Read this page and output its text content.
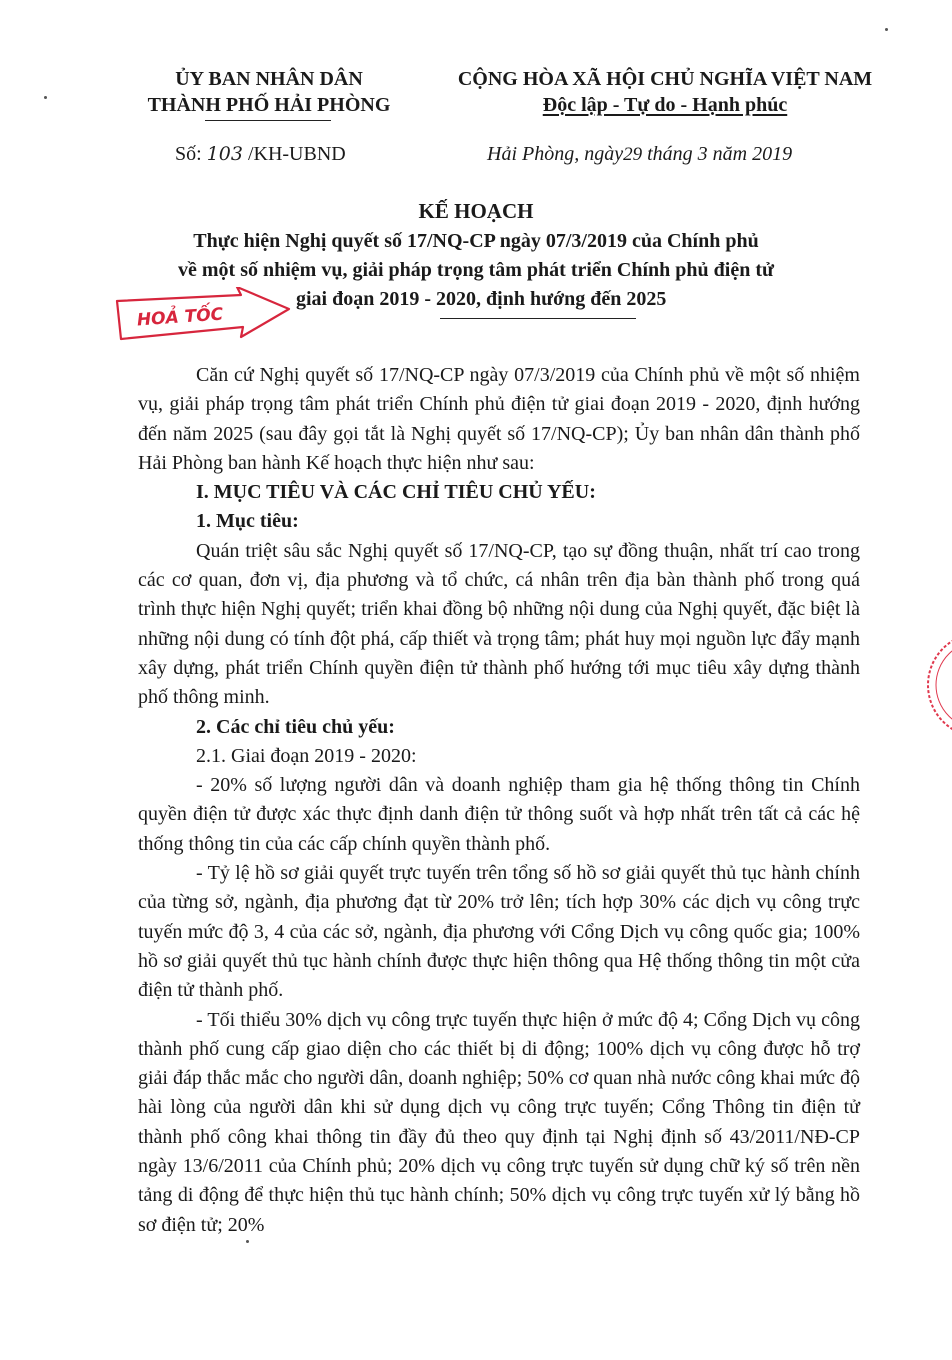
ỦY BAN NHÂN DÂN
THÀNH PHỐ HẢI PHÒNG
CỘNG HÒA XÃ HỘI CHỦ NGHĨA VIỆT NAM
Độc lập - Tự do - Hạnh phúc
Số: 103 /KH-UBND	Hải Phòng, ngày29 tháng 3 năm 2019
KẾ HOẠCH
Thực hiện Nghị quyết số 17/NQ-CP ngày 07/3/2019 của Chính phủ
về một số nhiệm vụ, giải pháp trọng tâm phát triển Chính phủ điện tử
giai đoạn 2019 - 2020, định hướng đến 2025
HOẢ TỐC

Căn cứ Nghị quyết số 17/NQ-CP ngày 07/3/2019 của Chính phủ về một số nhiệm vụ, giải pháp trọng tâm phát triển Chính phủ điện tử giai đoạn 2019 - 2020, định hướng đến năm 2025 (sau đây gọi tắt là Nghị quyết số 17/NQ-CP); Ủy ban nhân dân thành phố Hải Phòng ban hành Kế hoạch thực hiện như sau:

I. MỤC TIÊU VÀ CÁC CHỈ TIÊU CHỦ YẾU:

1. Mục tiêu:

Quán triệt sâu sắc Nghị quyết số 17/NQ-CP, tạo sự đồng thuận, nhất trí cao trong các cơ quan, đơn vị, địa phương và tổ chức, cá nhân trên địa bàn thành phố trong quá trình thực hiện Nghị quyết; triển khai đồng bộ những nội dung của Nghị quyết, đặc biệt là những nội dung có tính đột phá, cấp thiết và trọng tâm; phát huy mọi nguồn lực đẩy mạnh xây dựng, phát triển Chính quyền điện tử thành phố hướng tới mục tiêu xây dựng thành phố thông minh.

2. Các chỉ tiêu chủ yếu:

2.1. Giai đoạn 2019 - 2020:

- 20% số lượng người dân và doanh nghiệp tham gia hệ thống thông tin Chính quyền điện tử được xác thực định danh điện tử thông suốt và hợp nhất trên tất cả các hệ thống thông tin của các cấp chính quyền thành phố.

- Tỷ lệ hồ sơ giải quyết trực tuyến trên tổng số hồ sơ giải quyết thủ tục hành chính của từng sở, ngành, địa phương đạt từ 20% trở lên; tích hợp 30% các dịch vụ công trực tuyến mức độ 3, 4 của các sở, ngành, địa phương với Cổng Dịch vụ công quốc gia; 100% hồ sơ giải quyết thủ tục hành chính được thực hiện thông qua Hệ thống thông tin một cửa điện tử thành phố.

- Tối thiểu 30% dịch vụ công trực tuyến thực hiện ở mức độ 4; Cổng Dịch vụ công thành phố cung cấp giao diện cho các thiết bị di động; 100% dịch vụ công được hỗ trợ giải đáp thắc mắc cho người dân, doanh nghiệp; 50% cơ quan nhà nước công khai mức độ hài lòng của người dân khi sử dụng dịch vụ công trực tuyến; Cổng Thông tin điện tử thành phố công khai thông tin đầy đủ theo quy định tại Nghị định số 43/2011/NĐ-CP ngày 13/6/2011 của Chính phủ; 20% dịch vụ công trực tuyến sử dụng chữ ký số trên nền tảng di động để thực hiện thủ tục hành chính; 50% dịch vụ công trực tuyến xử lý bằng hồ sơ điện tử; 20%
